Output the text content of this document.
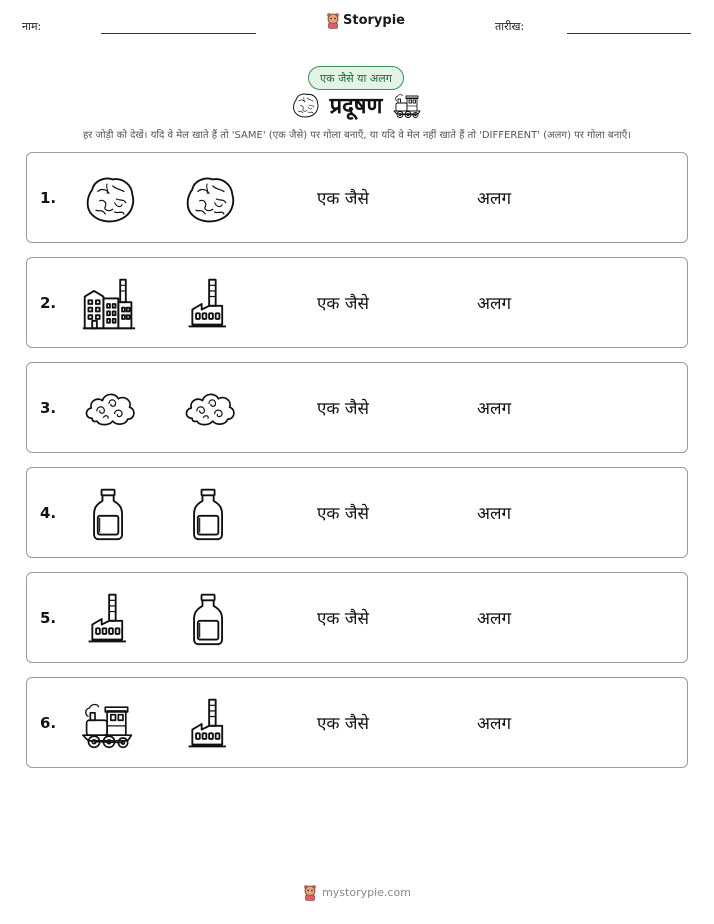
नाम:	Storypie	तारीख:
एक जैसे या अलग
प्रदूषण
हर जोड़ी को देखें। यदि वे मेल खाते हैं तो 'SAME' (एक जैसे) पर गोला बनाएँ, या यदि वे मेल नहीं खाते हैं तो 'DIFFERENT' (अलग) पर गोला बनाएँ।
1.	एक जैसे	अलग
2.	एक जैसे	अलग
3.	एक जैसे	अलग
4.	एक जैसे	अलग
5.	एक जैसे	अलग
6.	एक जैसे	अलग
mystorypie.com
